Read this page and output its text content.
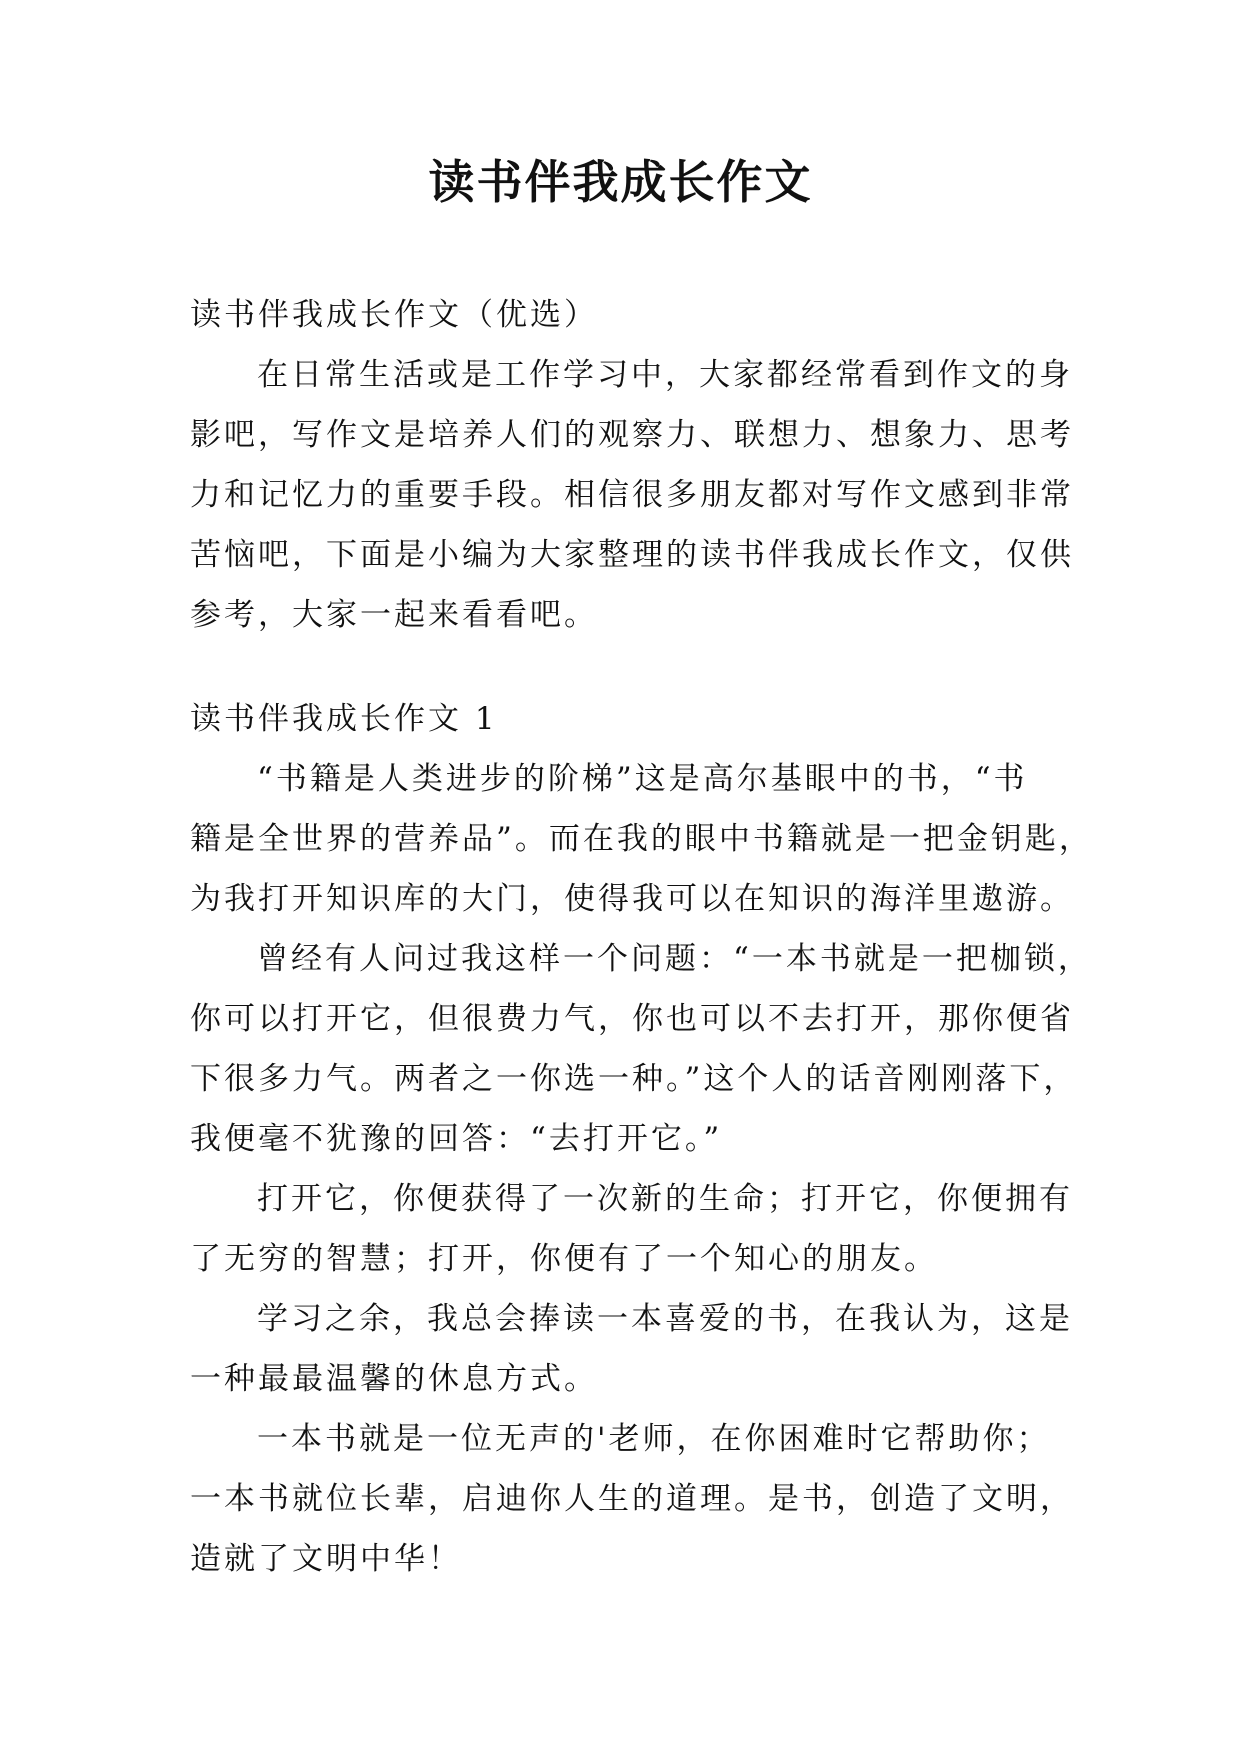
读书伴我成长作文

读书伴我成长作文（优选）

在日常生活或是工作学习中，大家都经常看到作文的身

影吧，写作文是培养人们的观察力、联想力、想象力、思考

力和记忆力的重要手段。相信很多朋友都对写作文感到非常

苦恼吧，下面是小编为大家整理的读书伴我成长作文，仅供

参考，大家一起来看看吧。

读书伴我成长作文 1

“书籍是人类进步的阶梯”这是高尔基眼中的书，“书

籍是全世界的营养品”。而在我的眼中书籍就是一把金钥匙，

为我打开知识库的大门，使得我可以在知识的海洋里遨游。

曾经有人问过我这样一个问题：“一本书就是一把枷锁，

你可以打开它，但很费力气，你也可以不去打开，那你便省

下很多力气。两者之一你选一种。”这个人的话音刚刚落下，

我便毫不犹豫的回答：“去打开它。”

打开它，你便获得了一次新的生命；打开它，你便拥有

了无穷的智慧；打开，你便有了一个知心的朋友。

学习之余，我总会捧读一本喜爱的书，在我认为，这是

一种最最温馨的休息方式。

一本书就是一位无声的'老师，在你困难时它帮助你；

一本书就位长辈，启迪你人生的道理。是书，创造了文明，

造就了文明中华！
